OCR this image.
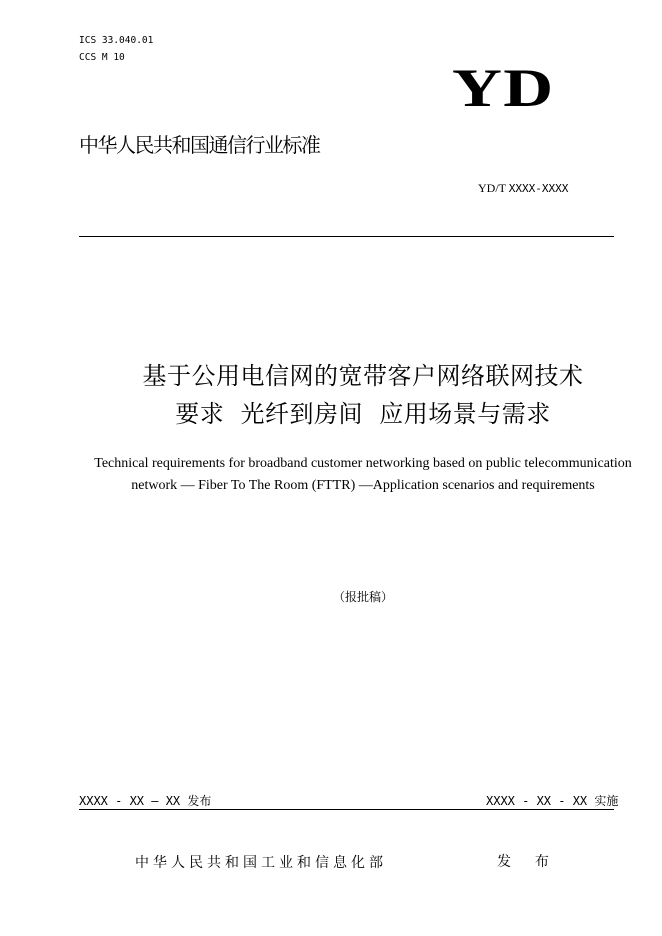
ICS 33.040.01
CCS M 10
YD
中华人民共和国通信行业标准
YD/T XXXX-XXXX
基于公用电信网的宽带客户网络联网技术
要求  光纤到房间  应用场景与需求
Technical requirements for broadband customer networking based on public telecommunication network — Fiber To The Room (FTTR) —Application scenarios and requirements
（报批稿）
XXXX - XX – XX 发布	XXXX - XX - XX 实施
中华人民共和国工业和信息化部	发  布
